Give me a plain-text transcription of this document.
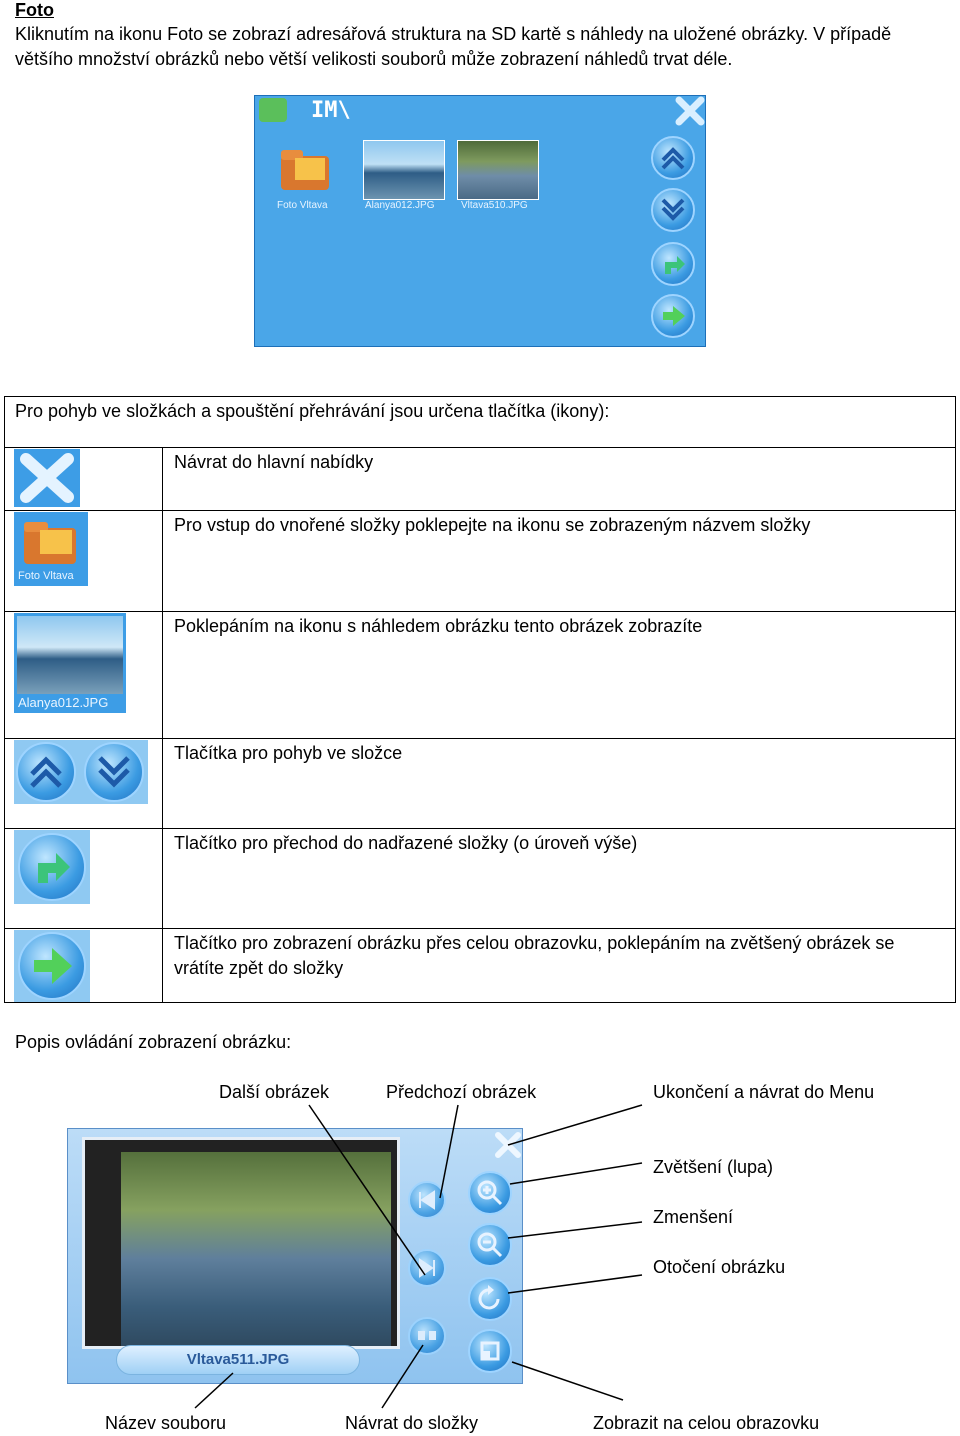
Foto
Kliknutím na ikonu Foto se zobrazí adresářová struktura na SD kartě s náhledy na uložené obrázky. V případě většího množství obrázků nebo větší velikosti souborů může zobrazení náhledů trvat déle.
IM\
Foto Vltava	Alanya012.JPG	Vltava510.JPG
Pro pohyb ve složkách a spouštění přehrávání jsou určena tlačítka (ikony):
Návrat do hlavní nabídky
Pro vstup do vnořené složky poklepejte na ikonu se zobrazeným názvem složky
Poklepáním na ikonu s náhledem obrázku tento obrázek zobrazíte
Tlačítka pro pohyb ve složce
Tlačítko pro přechod do nadřazené složky (o úroveň výše)
Tlačítko pro zobrazení obrázku přes celou obrazovku, poklepáním na zvětšený obrázek se vrátíte zpět do složky
Foto Vltava
Alanya012.JPG
Popis ovládání zobrazení obrázku:
Další obrázek	Předchozí obrázek	Ukončení a návrat do Menu
Zvětšení (lupa)
Zmenšení
Otočení obrázku
Název souboru	Návrat do složky	Zobrazit na celou obrazovku
Vltava511.JPG
